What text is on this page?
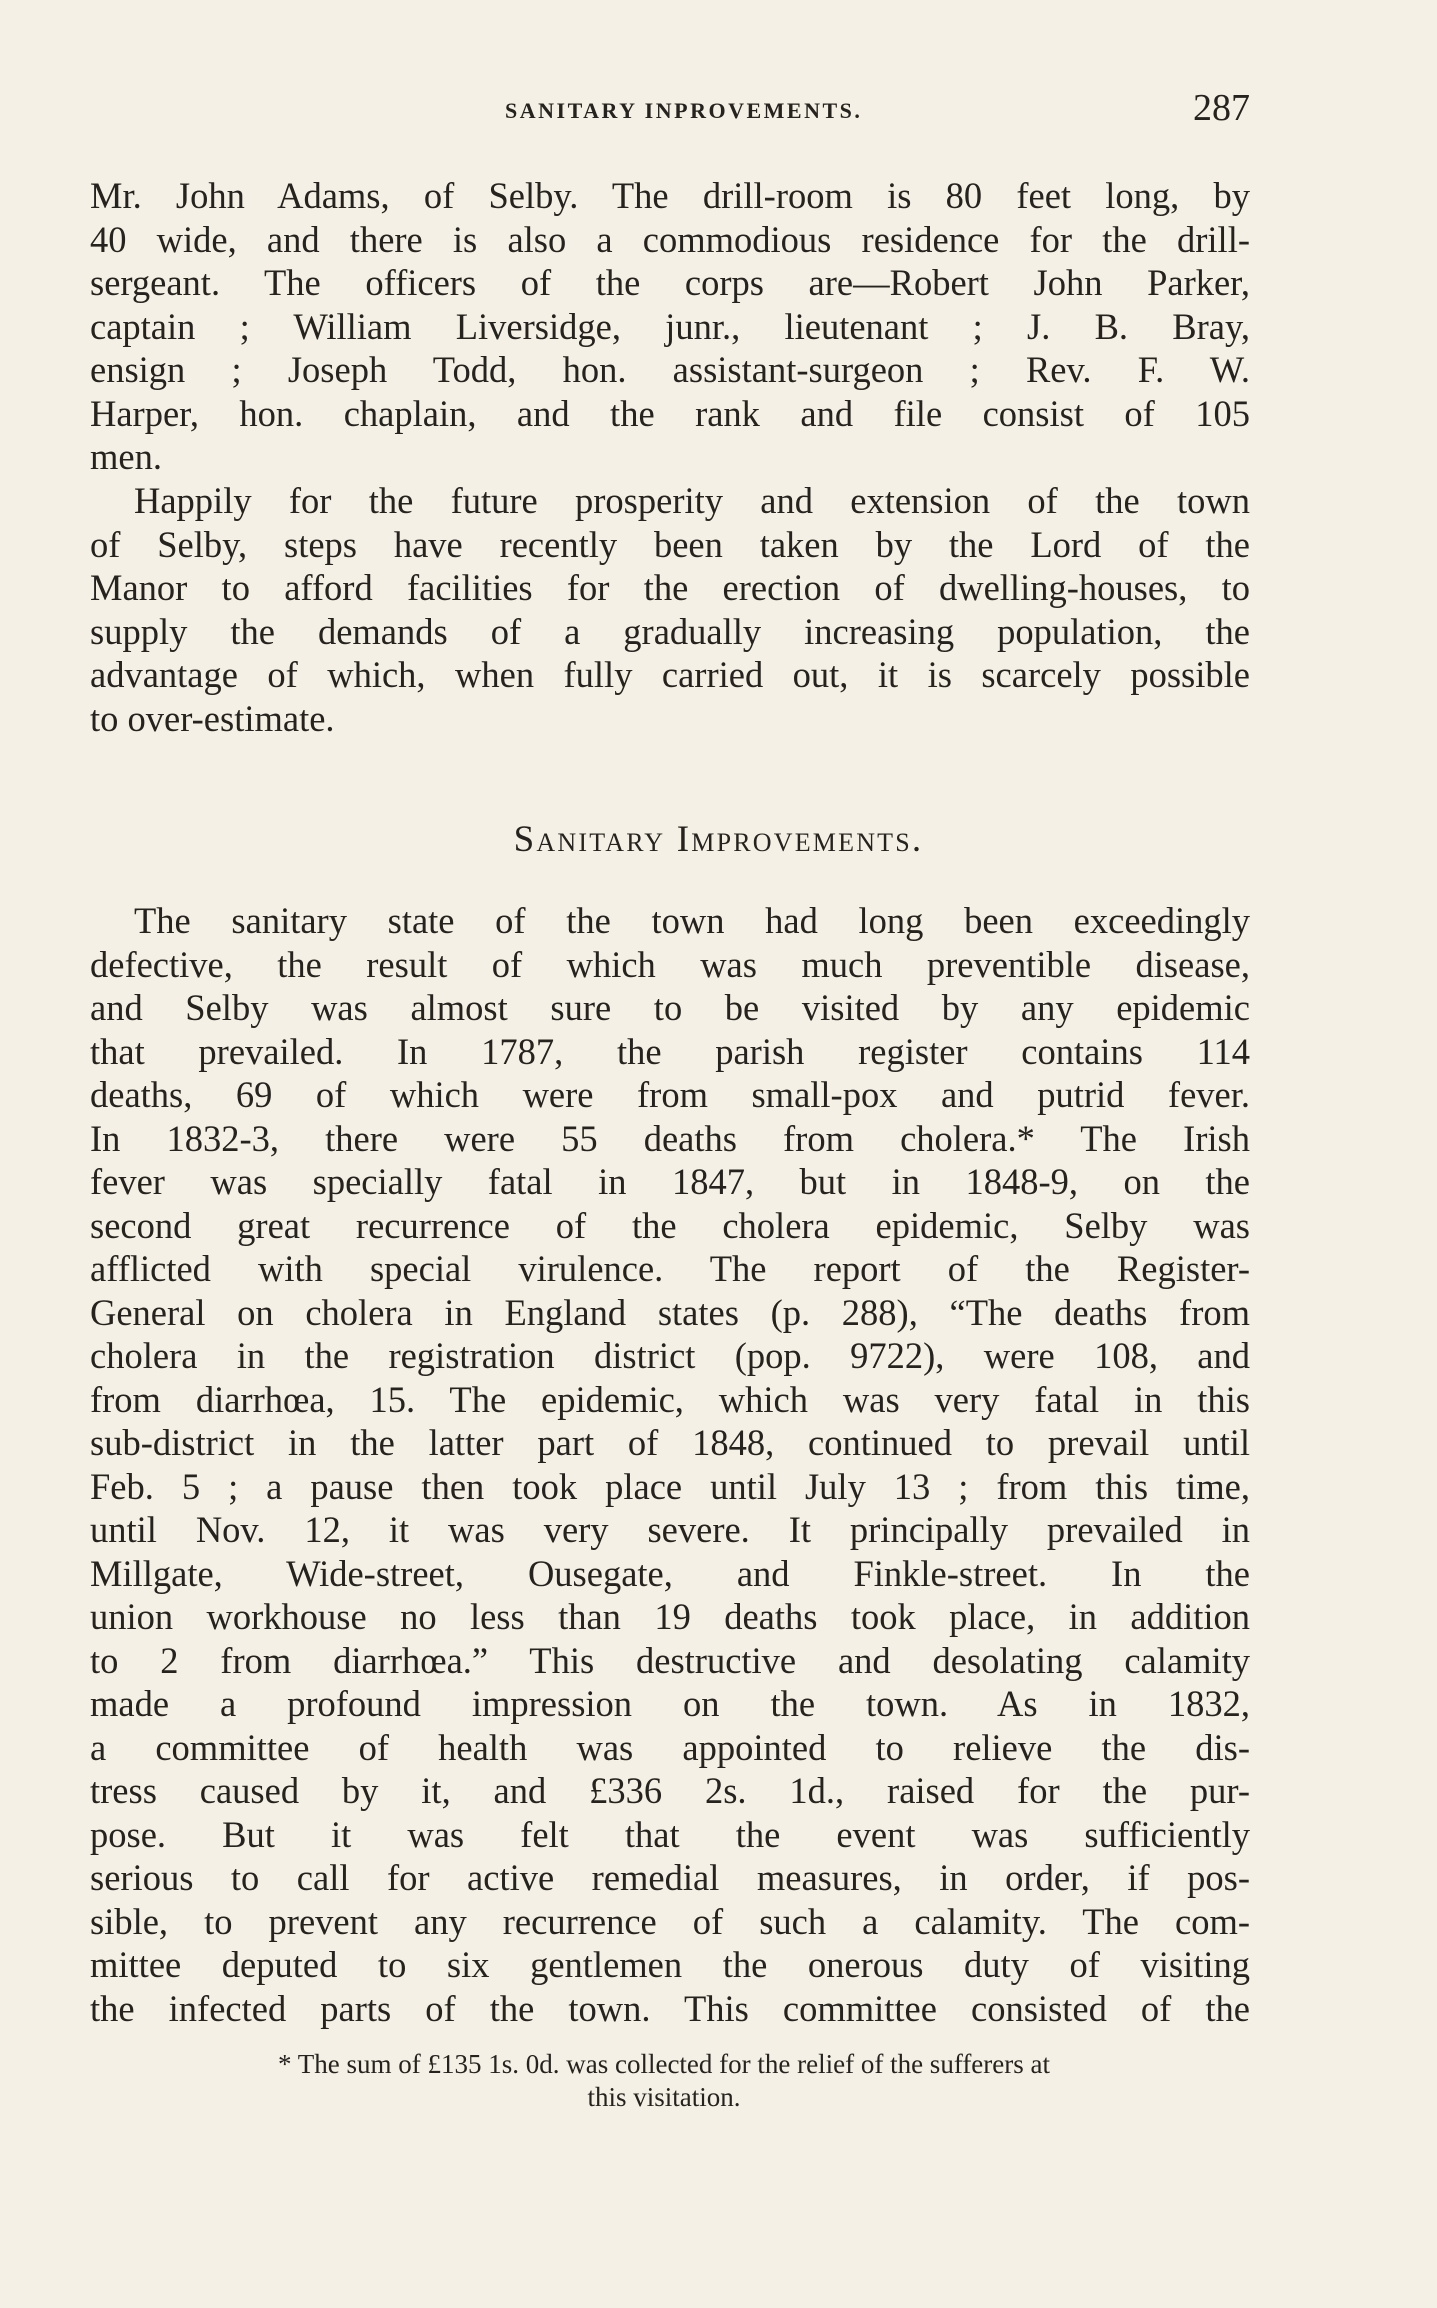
SANITARY INPROVEMENTS.	287
Mr. John Adams, of Selby. The drill-room is 80 feet long, by
40 wide, and there is also a commodious residence for the drill-
sergeant. The officers of the corps are—Robert John Parker,
captain ; William Liversidge, junr., lieutenant ; J. B. Bray,
ensign ; Joseph Todd, hon. assistant-surgeon ; Rev. F. W.
Harper, hon. chaplain, and the rank and file consist of 105
men.
Happily for the future prosperity and extension of the town
of Selby, steps have recently been taken by the Lord of the
Manor to afford facilities for the erection of dwelling-houses, to
supply the demands of a gradually increasing population, the
advantage of which, when fully carried out, it is scarcely possible
to over-estimate.
Sanitary Improvements.
The sanitary state of the town had long been exceedingly
defective, the result of which was much preventible disease,
and Selby was almost sure to be visited by any epidemic
that prevailed. In 1787, the parish register contains 114
deaths, 69 of which were from small-pox and putrid fever.
In 1832-3, there were 55 deaths from cholera.* The Irish
fever was specially fatal in 1847, but in 1848-9, on the
second great recurrence of the cholera epidemic, Selby was
afflicted with special virulence. The report of the Register-
General on cholera in England states (p. 288), “The deaths from
cholera in the registration district (pop. 9722), were 108, and
from diarrhœa, 15. The epidemic, which was very fatal in this
sub-district in the latter part of 1848, continued to prevail until
Feb. 5 ; a pause then took place until July 13 ; from this time,
until Nov. 12, it was very severe. It principally prevailed in
Millgate, Wide-street, Ousegate, and Finkle-street. In the
union workhouse no less than 19 deaths took place, in addition
to 2 from diarrhœa.” This destructive and desolating calamity
made a profound impression on the town. As in 1832,
a committee of health was appointed to relieve the dis-
tress caused by it, and £336 2s. 1d., raised for the pur-
pose. But it was felt that the event was sufficiently
serious to call for active remedial measures, in order, if pos-
sible, to prevent any recurrence of such a calamity. The com-
mittee deputed to six gentlemen the onerous duty of visiting
the infected parts of the town. This committee consisted of the
* The sum of £135 1s. 0d. was collected for the relief of the sufferers at
this visitation.
